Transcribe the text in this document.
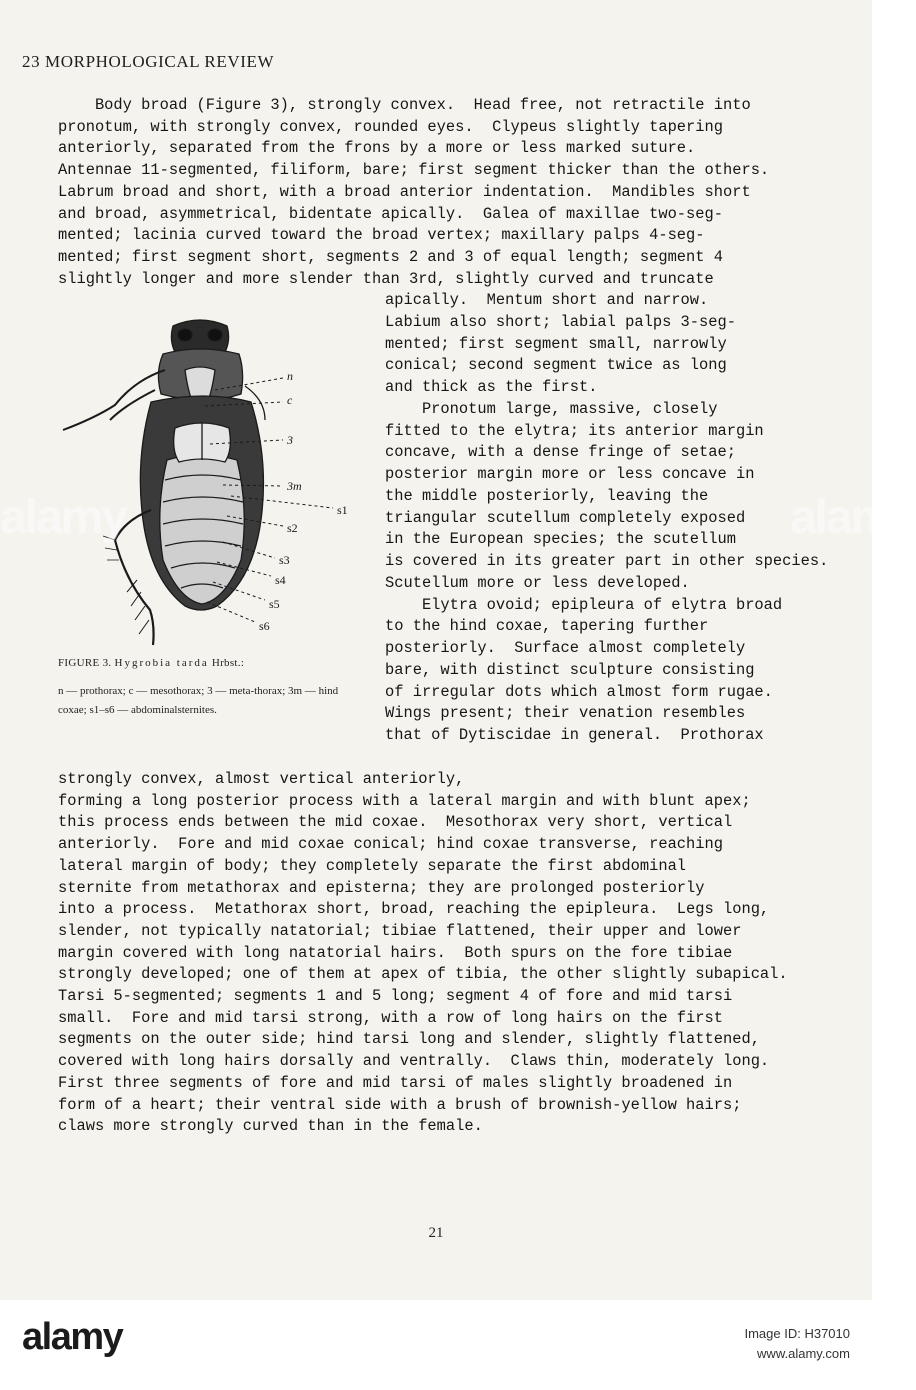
23 MORPHOLOGICAL REVIEW
Body broad (Figure 3), strongly convex.  Head free, not retractile into
pronotum, with strongly convex, rounded eyes.  Clypeus slightly tapering
anteriorly, separated from the frons by a more or less marked suture.
Antennae 11-segmented, filiform, bare; first segment thicker than the others.
Labrum broad and short, with a broad anterior indentation.  Mandibles short
and broad, asymmetrical, bidentate apically.  Galea of maxillae two-seg-
mented; lacinia curved toward the broad vertex; maxillary palps 4-seg-
mented; first segment short, segments 2 and 3 of equal length; segment 4
slightly longer and more slender than 3rd, slightly curved and truncate
apically.  Mentum short and narrow.
Labium also short; labial palps 3-seg-
mented; first segment small, narrowly
conical; second segment twice as long
and thick as the first.
Pronotum large, massive, closely
fitted to the elytra; its anterior margin
concave, with a dense fringe of setae;
posterior margin more or less concave in
the middle posteriorly, leaving the
triangular scutellum completely exposed
in the European species; the scutellum
is covered in its greater part in other species.
Scutellum more or less developed.
Elytra ovoid; epipleura of elytra broad
to the hind coxae, tapering further
posteriorly.  Surface almost completely
bare, with distinct sculpture consisting
of irregular dots which almost form rugae.
Wings present; their venation resembles
that of Dytiscidae in general.  Prothorax
strongly convex, almost vertical anteriorly,
forming a long posterior process with a lateral margin and with blunt apex;
this process ends between the mid coxae.  Mesothorax very short, vertical
anteriorly.  Fore and mid coxae conical; hind coxae transverse, reaching
lateral margin of body; they completely separate the first abdominal
sternite from metathorax and episterna; they are prolonged posteriorly
into a process.  Metathorax short, broad, reaching the epipleura.  Legs long,
slender, not typically natatorial; tibiae flattened, their upper and lower
margin covered with long natatorial hairs.  Both spurs on the fore tibiae
strongly developed; one of them at apex of tibia, the other slightly subapical.
Tarsi 5-segmented; segments 1 and 5 long; segment 4 of fore and mid tarsi
small.  Fore and mid tarsi strong, with a row of long hairs on the first
segments on the outer side; hind tarsi long and slender, slightly flattened,
covered with long hairs dorsally and ventrally.  Claws thin, moderately long.
First three segments of fore and mid tarsi of males slightly broadened in
form of a heart; their ventral side with a brush of brownish-yellow hairs;
claws more strongly curved than in the female.
n
c
3
3m
s1
s2
s3
s4
s5
s6
FIGURE 3. Hygrobia tarda Hrbst.:
n — prothorax; c — mesothorax; 3 — meta-thorax; 3m — hind coxae; s1–s6 — abdominalsternites.
21
alamy	alamy
alamy	Image ID: H37010
www.alamy.com
